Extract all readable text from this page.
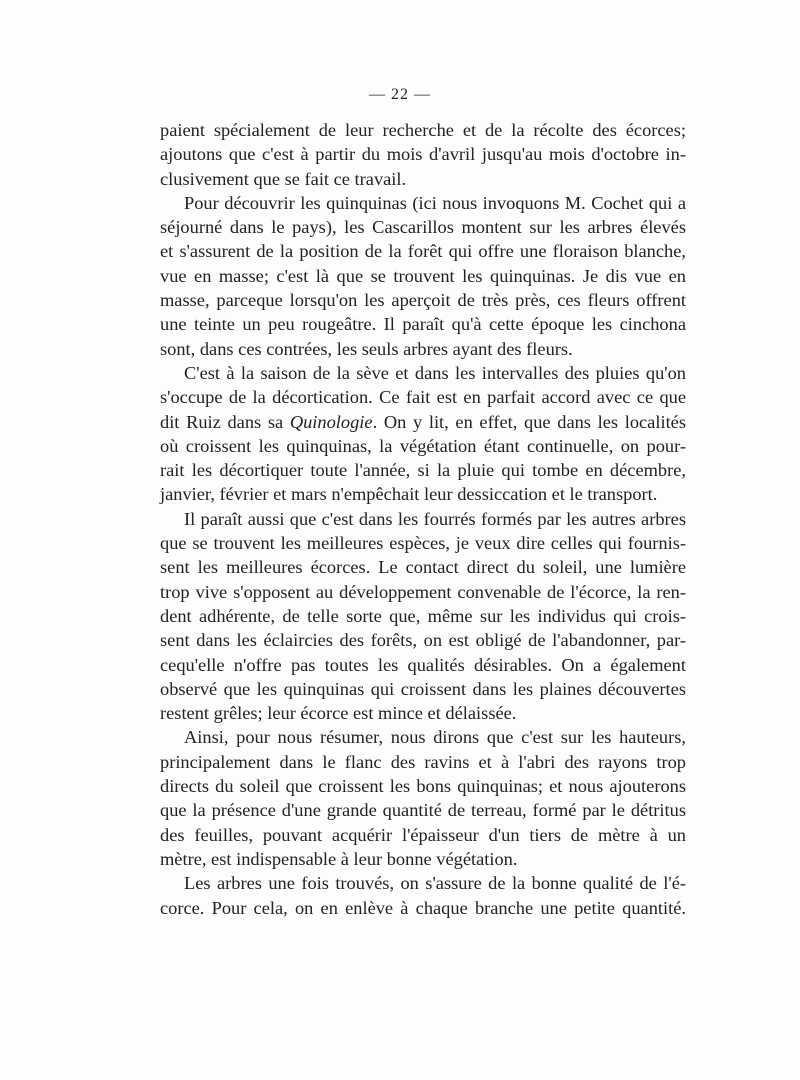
— 22 —

paient spécialement de leur recherche et de la récolte des écorces;
ajoutons que c'est à partir du mois d'avril jusqu'au mois d'octobre in-
clusivement que se fait ce travail.

Pour découvrir les quinquinas (ici nous invoquons M. Cochet qui a
séjourné dans le pays), les Cascarillos montent sur les arbres élevés
et s'assurent de la position de la forêt qui offre une floraison blanche,
vue en masse; c'est là que se trouvent les quinquinas. Je dis vue en
masse, parceque lorsqu'on les aperçoit de très près, ces fleurs offrent
une teinte un peu rougeâtre. Il paraît qu'à cette époque les cinchona
sont, dans ces contrées, les seuls arbres ayant des fleurs.

C'est à la saison de la sève et dans les intervalles des pluies qu'on
s'occupe de la décortication. Ce fait est en parfait accord avec ce que
dit Ruiz dans sa Quinologie. On y lit, en effet, que dans les localités
où croissent les quinquinas, la végétation étant continuelle, on pour-
rait les décortiquer toute l'année, si la pluie qui tombe en décembre,
janvier, février et mars n'empêchait leur dessiccation et le transport.

Il paraît aussi que c'est dans les fourrés formés par les autres arbres
que se trouvent les meilleures espèces, je veux dire celles qui fournis-
sent les meilleures écorces. Le contact direct du soleil, une lumière
trop vive s'opposent au développement convenable de l'écorce, la ren-
dent adhérente, de telle sorte que, même sur les individus qui crois-
sent dans les éclaircies des forêts, on est obligé de l'abandonner, par-
cequ'elle n'offre pas toutes les qualités désirables. On a également
observé que les quinquinas qui croissent dans les plaines découvertes
restent grêles; leur écorce est mince et délaissée.

Ainsi, pour nous résumer, nous dirons que c'est sur les hauteurs,
principalement dans le flanc des ravins et à l'abri des rayons trop
directs du soleil que croissent les bons quinquinas; et nous ajouterons
que la présence d'une grande quantité de terreau, formé par le détritus
des feuilles, pouvant acquérir l'épaisseur d'un tiers de mètre à un
mètre, est indispensable à leur bonne végétation.

Les arbres une fois trouvés, on s'assure de la bonne qualité de l'é-
corce. Pour cela, on en enlève à chaque branche une petite quantité.
